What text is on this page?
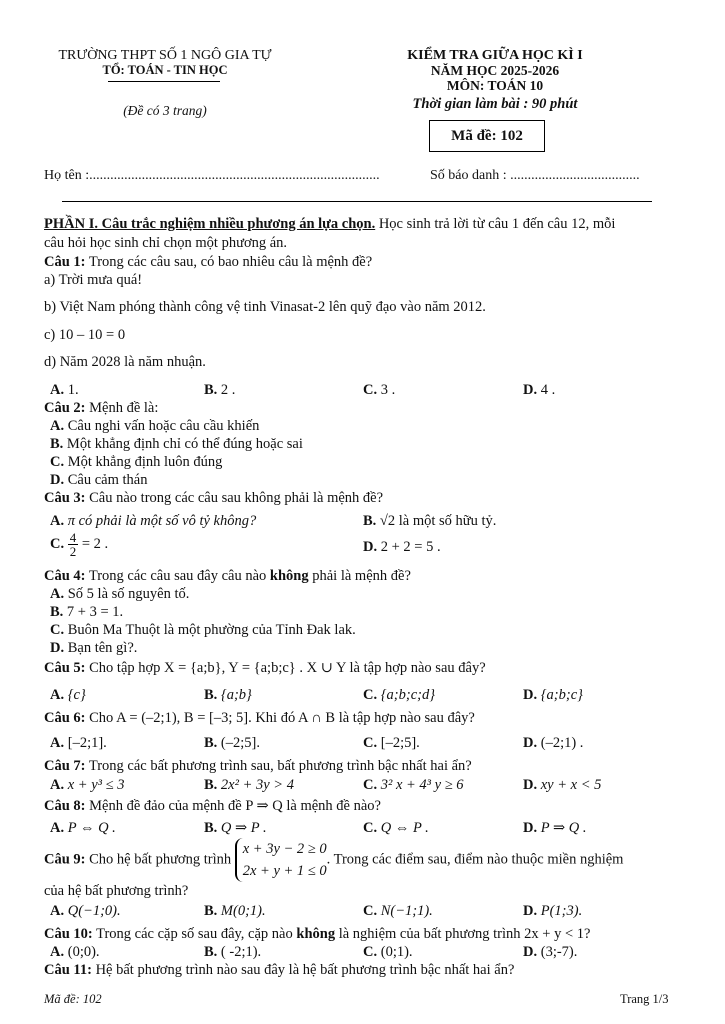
TRƯỜNG THPT SỐ 1 NGÔ GIA TỰ
TỔ: TOÁN - TIN HỌC
(Đề có 3 trang)
KIỂM TRA GIỮA HỌC KÌ I
NĂM HỌC 2025-2026
MÔN: TOÁN 10
Thời gian làm bài : 90 phút
Mã đề: 102
Họ tên :...................................................................................	Số báo danh : .....................................
PHẦN I. Câu trắc nghiệm nhiều phương án lựa chọn. Học sinh trả lời từ câu 1 đến câu 12, mỗi
câu hỏi học sinh chỉ chọn một phương án.
Câu 1: Trong các câu sau, có bao nhiêu câu là mệnh đề?
a) Trời mưa quá!
b) Việt Nam phóng thành công vệ tinh Vinasat-2 lên quỹ đạo vào năm 2012.
c) 10 – 10 = 0
d) Năm 2028 là năm nhuận.
A. 1.	B. 2 .	C. 3 .	D. 4 .
Câu 2: Mệnh đề là:
A. Câu nghi vấn hoặc câu cầu khiến
B. Một khẳng định chỉ có thể đúng hoặc sai
C. Một khẳng định luôn đúng
D. Câu cảm thán
Câu 3: Câu nào trong các câu sau không phải là mệnh đề?
A. π có phải là một số vô tỷ không?	B. √2 là một số hữu tỷ.
C. $\frac{4}{2} = 2$ .	D. 2 + 2 = 5 .
Câu 4: Trong các câu sau đây câu nào không phải là mệnh đề?
A. Số 5 là số nguyên tố.
B. 7 + 3 = 1.
C. Buôn Ma Thuột là một phường của Tỉnh Đak lak.
D. Bạn tên gì?.
Câu 5: Cho tập hợp X = {a;b}, Y = {a;b;c} . X ∪ Y là tập hợp nào sau đây?
A. {c}	B. {a;b}	C. {a;b;c;d}	D. {a;b;c}
Câu 6: Cho A = (–2;1), B = [–3; 5]. Khi đó A ∩ B là tập hợp nào sau đây?
A. [–2;1].	B. (–2;5].	C. [–2;5].	D. (–2;1) .
Câu 7: Trong các bất phương trình sau, bất phương trình bậc nhất hai ẩn?
A. x + y³ ≤ 3	B. 2x² + 3y > 4	C. 3² x + 4³ y ≥ 6	D. xy + x < 5
Câu 8: Mệnh đề đảo của mệnh đề P ⇒ Q là mệnh đề nào?
A. P ⇔ Q .	B. Q ⇒ P .	C. Q ⇔ P .	D. P ⇒ Q .
Câu 9: Cho hệ bất phương trình
x + 3y − 2 ≥ 0
2x + y + 1 ≤ 0
. Trong các điểm sau, điểm nào thuộc miền nghiệm
của hệ bất phương trình?
A. Q(−1;0).	B. M(0;1).	C. N(−1;1).	D. P(1;3).
Câu 10: Trong các cặp số sau đây, cặp nào không là nghiệm của bất phương trình 2x + y < 1?
A. (0;0).	B. ( -2;1).	C. (0;1).	D. (3;-7).
Câu 11: Hệ bất phương trình nào sau đây là hệ bất phương trình bậc nhất hai ẩn?
Mã đề: 102	Trang 1/3
